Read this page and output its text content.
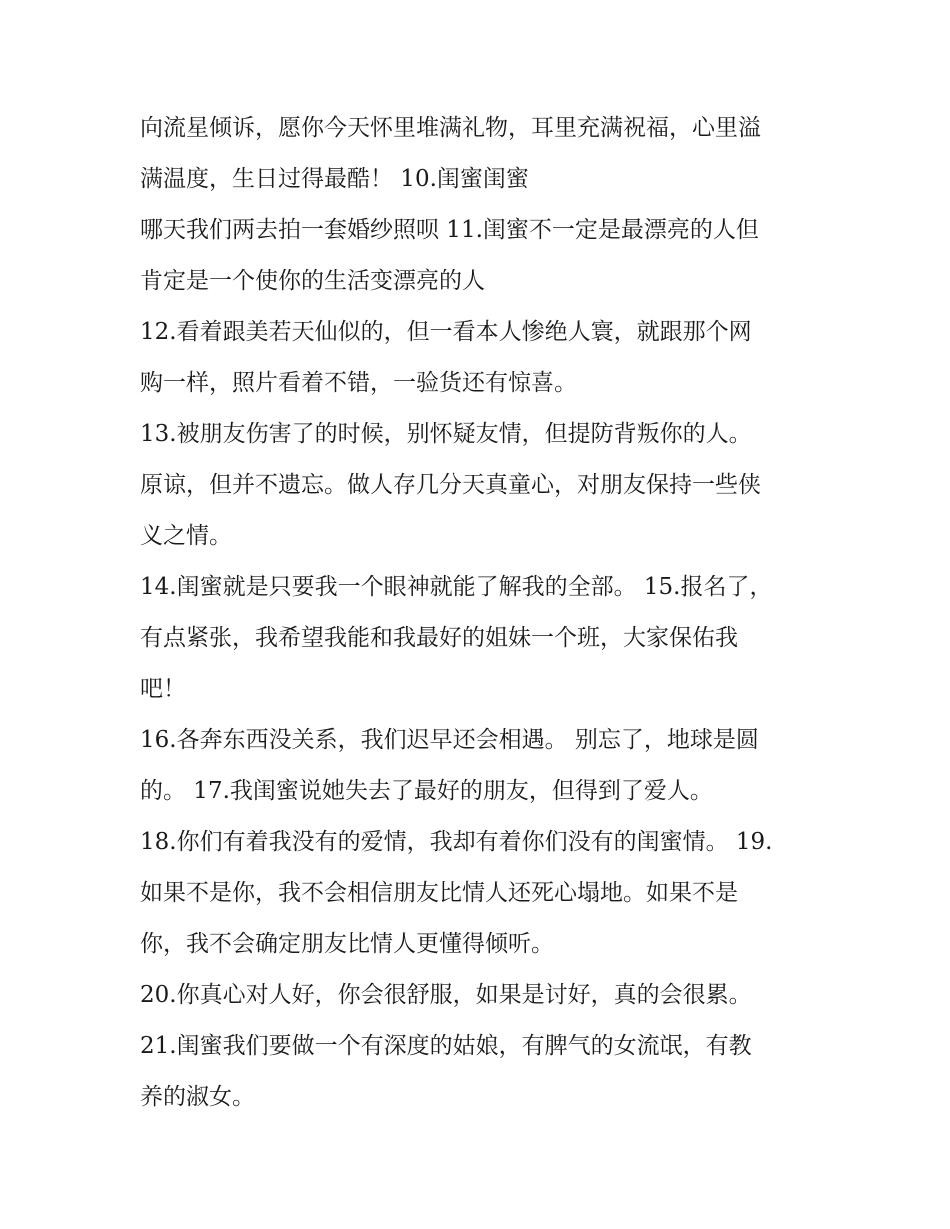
向流星倾诉，愿你今天怀里堆满礼物，耳里充满祝福，心里溢
满温度，生日过得最酷！ 10.闺蜜闺蜜
哪天我们两去拍一套婚纱照呗 11.闺蜜不一定是最漂亮的人但
肯定是一个使你的生活变漂亮的人
12.看着跟美若天仙似的，但一看本人惨绝人寰，就跟那个网
购一样，照片看着不错，一验货还有惊喜。
13.被朋友伤害了的时候，别怀疑友情，但提防背叛你的人。
原谅，但并不遗忘。做人存几分天真童心，对朋友保持一些侠
义之情。
14.闺蜜就是只要我一个眼神就能了解我的全部。 15.报名了，
有点紧张，我希望我能和我最好的姐妹一个班，大家保佑我
吧！
16.各奔东西没关系，我们迟早还会相遇。 别忘了，地球是圆
的。 17.我闺蜜说她失去了最好的朋友，但得到了爱人。
18.你们有着我没有的爱情，我却有着你们没有的闺蜜情。 19.
如果不是你，我不会相信朋友比情人还死心塌地。如果不是
你，我不会确定朋友比情人更懂得倾听。
20.你真心对人好，你会很舒服，如果是讨好，真的会很累。
21.闺蜜我们要做一个有深度的姑娘，有脾气的女流氓，有教
养的淑女。
